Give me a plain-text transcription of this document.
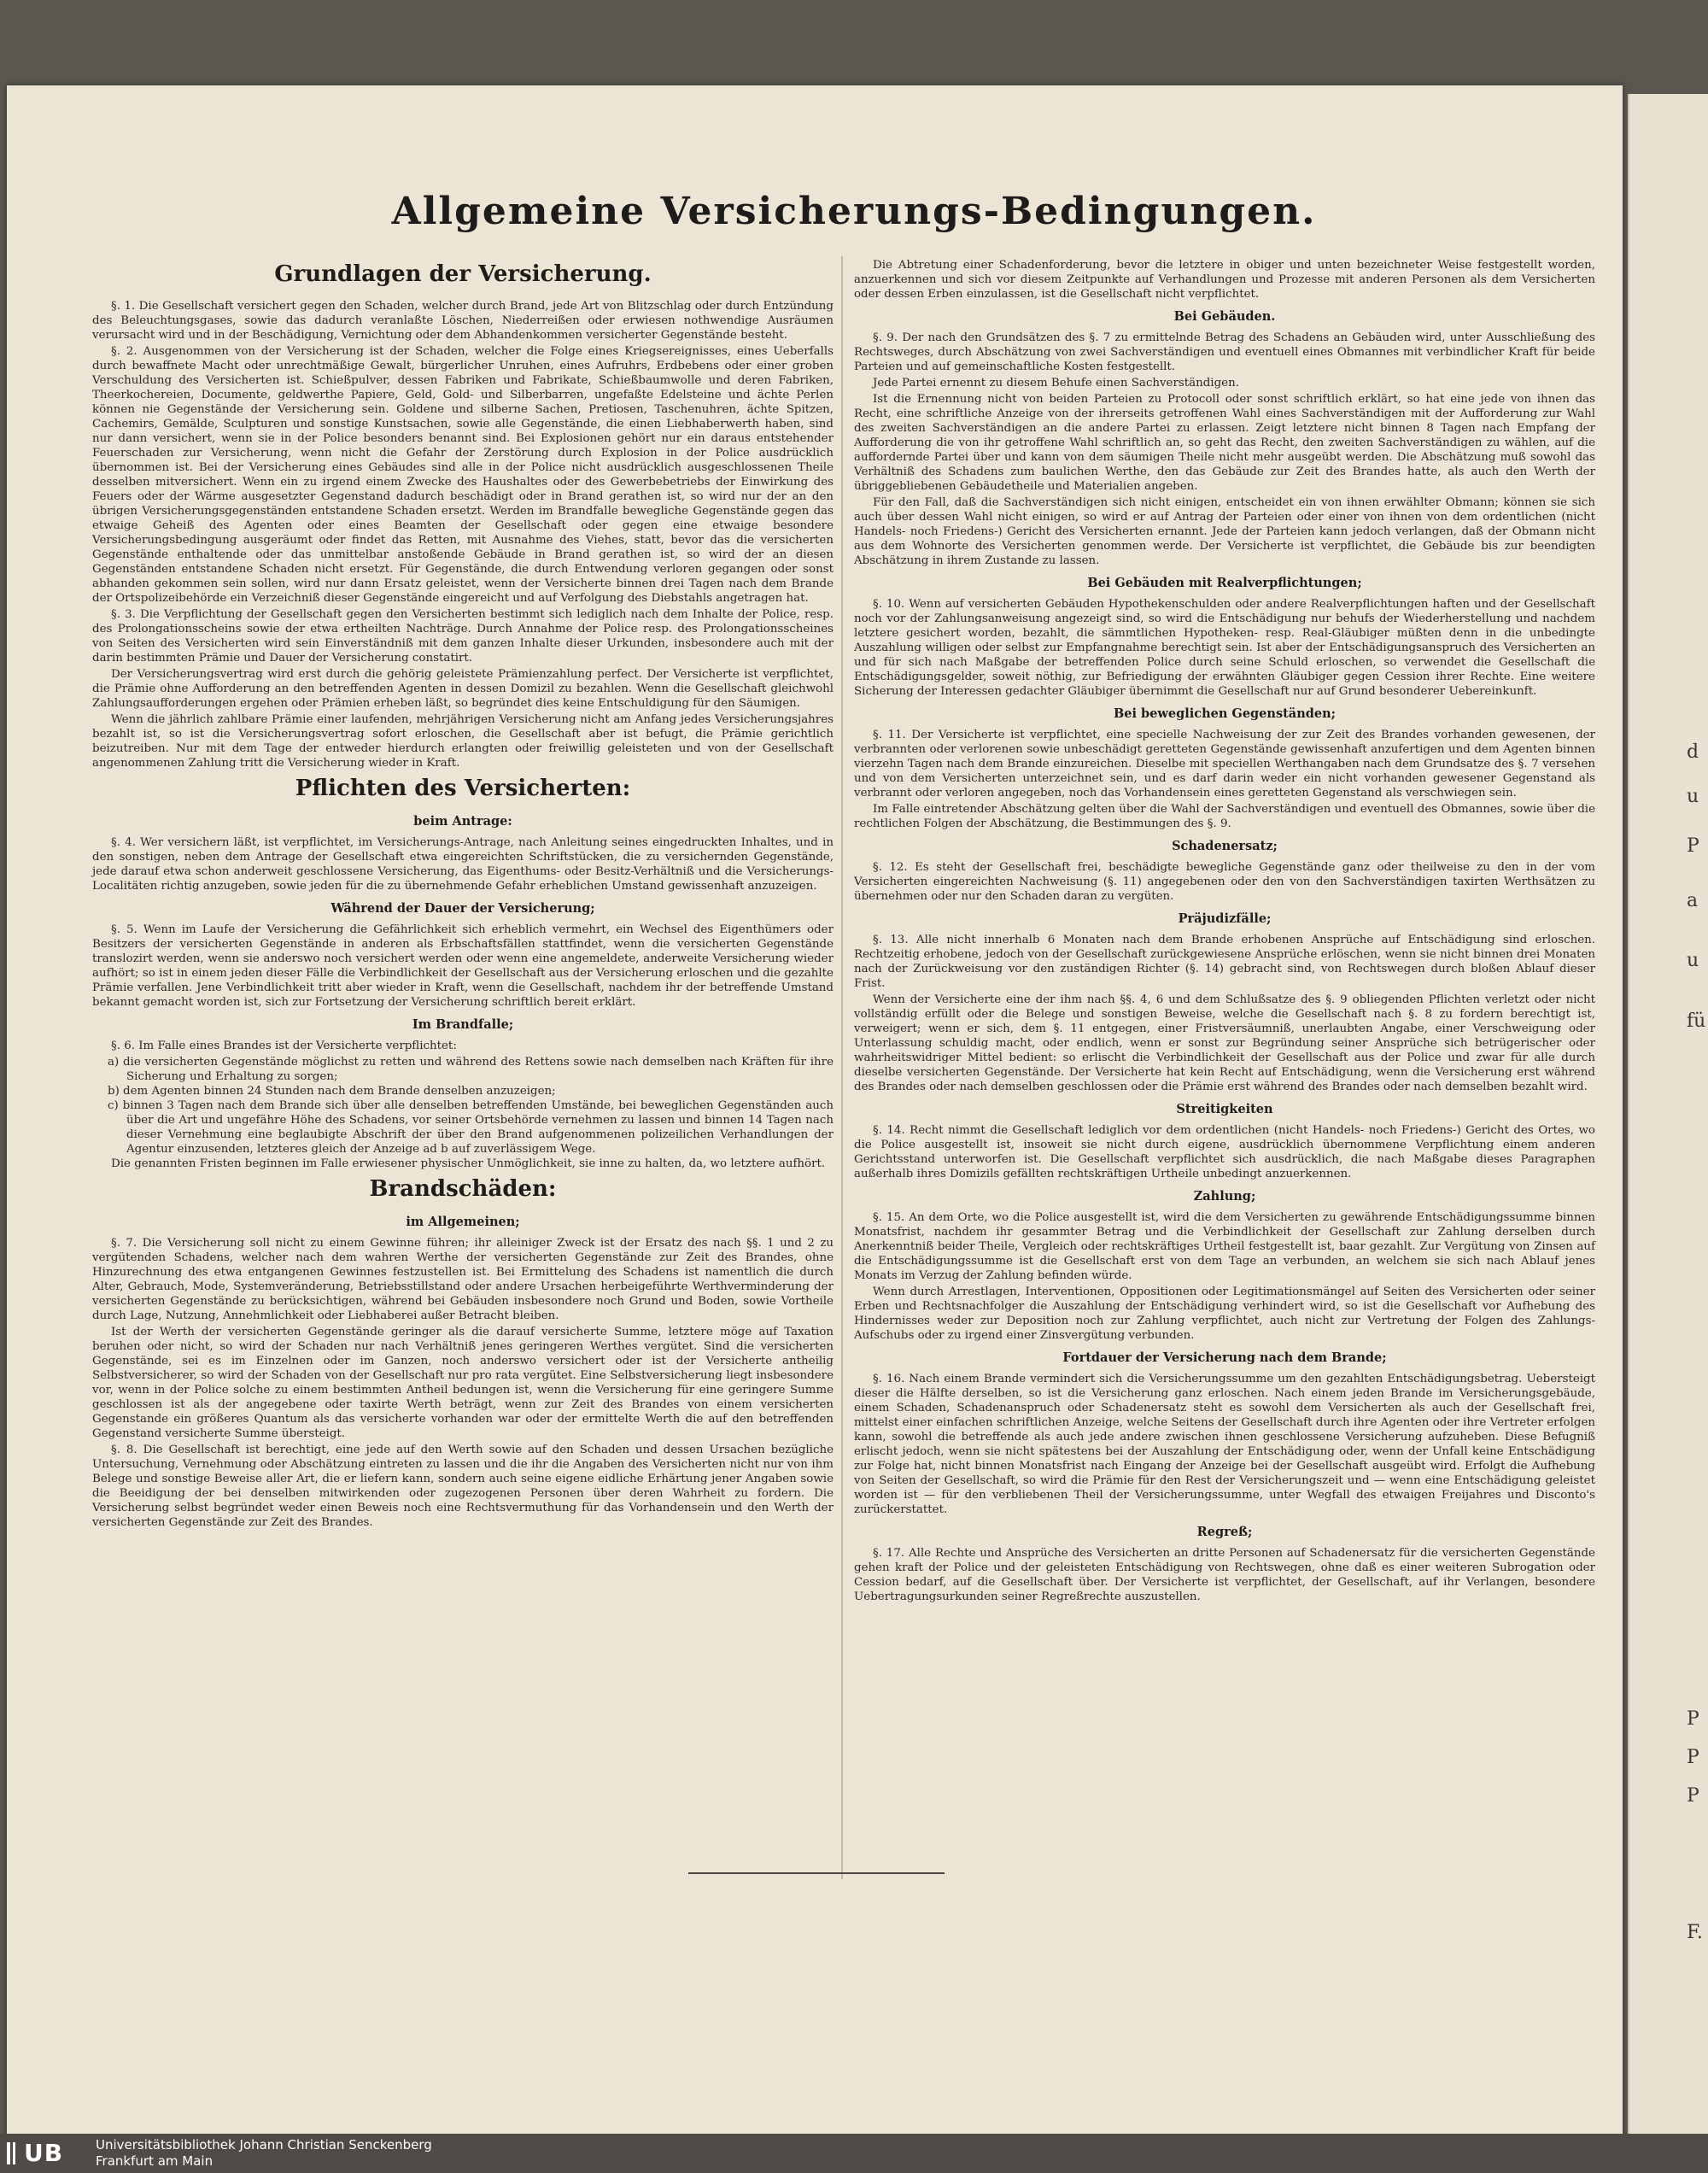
Allgemeine Versicherungs-Bedingungen.
Grundlagen der Versicherung.

§. 1. Die Gesellschaft versichert gegen den Schaden, welcher durch Brand, jede Art von Blitzschlag oder durch Entzündung des Beleuchtungsgases, sowie das dadurch veranlaßte Löschen, Niederreißen oder erwiesen nothwendige Ausräumen verursacht wird und in der Beschädigung, Vernichtung oder dem Abhandenkommen versicherter Gegenstände besteht.

§. 2. Ausgenommen von der Versicherung ist der Schaden, welcher die Folge eines Kriegsereignisses, eines Ueberfalls durch bewaffnete Macht oder unrechtmäßige Gewalt, bürgerlicher Unruhen, eines Aufruhrs, Erdbebens oder einer groben Verschuldung des Versicherten ist. Schießpulver, dessen Fabriken und Fabrikate, Schießbaumwolle und deren Fabriken, Theerkochereien, Documente, geldwerthe Papiere, Geld, Gold- und Silberbarren, ungefaßte Edelsteine und ächte Perlen können nie Gegenstände der Versicherung sein. Goldene und silberne Sachen, Pretiosen, Taschenuhren, ächte Spitzen, Cachemirs, Gemälde, Sculpturen und sonstige Kunstsachen, sowie alle Gegenstände, die einen Liebhaberwerth haben, sind nur dann versichert, wenn sie in der Police besonders benannt sind. Bei Explosionen gehört nur ein daraus entstehender Feuerschaden zur Versicherung, wenn nicht die Gefahr der Zerstörung durch Explosion in der Police ausdrücklich übernommen ist. Bei der Versicherung eines Gebäudes sind alle in der Police nicht ausdrücklich ausgeschlossenen Theile desselben mitversichert. Wenn ein zu irgend einem Zwecke des Haushaltes oder des Gewerbebetriebs der Einwirkung des Feuers oder der Wärme ausgesetzter Gegenstand dadurch beschädigt oder in Brand gerathen ist, so wird nur der an den übrigen Versicherungsgegenständen entstandene Schaden ersetzt. Werden im Brandfalle bewegliche Gegenstände gegen das etwaige Geheiß des Agenten oder eines Beamten der Gesellschaft oder gegen eine etwaige besondere Versicherungsbedingung ausgeräumt oder findet das Retten, mit Ausnahme des Viehes, statt, bevor das die versicherten Gegenstände enthaltende oder das unmittelbar anstoßende Gebäude in Brand gerathen ist, so wird der an diesen Gegenständen entstandene Schaden nicht ersetzt. Für Gegenstände, die durch Entwendung verloren gegangen oder sonst abhanden gekommen sein sollen, wird nur dann Ersatz geleistet, wenn der Versicherte binnen drei Tagen nach dem Brande der Ortspolizeibehörde ein Verzeichniß dieser Gegenstände eingereicht und auf Verfolgung des Diebstahls angetragen hat.

§. 3. Die Verpflichtung der Gesellschaft gegen den Versicherten bestimmt sich lediglich nach dem Inhalte der Police, resp. des Prolongationsscheins sowie der etwa ertheilten Nachträge. Durch Annahme der Police resp. des Prolongationsscheines von Seiten des Versicherten wird sein Einverständniß mit dem ganzen Inhalte dieser Urkunden, insbesondere auch mit der darin bestimmten Prämie und Dauer der Versicherung constatirt.

Der Versicherungsvertrag wird erst durch die gehörig geleistete Prämienzahlung perfect. Der Versicherte ist verpflichtet, die Prämie ohne Aufforderung an den betreffenden Agenten in dessen Domizil zu bezahlen. Wenn die Gesellschaft gleichwohl Zahlungsaufforderungen ergehen oder Prämien erheben läßt, so begründet dies keine Entschuldigung für den Säumigen.

Wenn die jährlich zahlbare Prämie einer laufenden, mehrjährigen Versicherung nicht am Anfang jedes Versicherungsjahres bezahlt ist, so ist die Versicherungsvertrag sofort erloschen, die Gesellschaft aber ist befugt, die Prämie gerichtlich beizutreiben. Nur mit dem Tage der entweder hierdurch erlangten oder freiwillig geleisteten und von der Gesellschaft angenommenen Zahlung tritt die Versicherung wieder in Kraft.

Pflichten des Versicherten:
beim Antrage:

§. 4. Wer versichern läßt, ist verpflichtet, im Versicherungs-Antrage, nach Anleitung seines eingedruckten Inhaltes, und in den sonstigen, neben dem Antrage der Gesellschaft etwa eingereichten Schriftstücken, die zu versichernden Gegenstände, jede darauf etwa schon anderweit geschlossene Versicherung, das Eigenthums- oder Besitz-Verhältniß und die Versicherungs-Localitäten richtig anzugeben, sowie jeden für die zu übernehmende Gefahr erheblichen Umstand gewissenhaft anzuzeigen.

Während der Dauer der Versicherung;

§. 5. Wenn im Laufe der Versicherung die Gefährlichkeit sich erheblich vermehrt, ein Wechsel des Eigenthümers oder Besitzers der versicherten Gegenstände in anderen als Erbschaftsfällen stattfindet, wenn die versicherten Gegenstände translozirt werden, wenn sie anderswo noch versichert werden oder wenn eine angemeldete, anderweite Versicherung wieder aufhört; so ist in einem jeden dieser Fälle die Verbindlichkeit der Gesellschaft aus der Versicherung erloschen und die gezahlte Prämie verfallen. Jene Verbindlichkeit tritt aber wieder in Kraft, wenn die Gesellschaft, nachdem ihr der betreffende Umstand bekannt gemacht worden ist, sich zur Fortsetzung der Versicherung schriftlich bereit erklärt.

Im Brandfalle;

§. 6. Im Falle eines Brandes ist der Versicherte verpflichtet:

a) die versicherten Gegenstände möglichst zu retten und während des Rettens sowie nach demselben nach Kräften für ihre Sicherung und Erhaltung zu sorgen;

b) dem Agenten binnen 24 Stunden nach dem Brande denselben anzuzeigen;

c) binnen 3 Tagen nach dem Brande sich über alle denselben betreffenden Umstände, bei beweglichen Gegenständen auch über die Art und ungefähre Höhe des Schadens, vor seiner Ortsbehörde vernehmen zu lassen und binnen 14 Tagen nach dieser Vernehmung eine beglaubigte Abschrift der über den Brand aufgenommenen polizeilichen Verhandlungen der Agentur einzusenden, letzteres gleich der Anzeige ad b auf zuverlässigem Wege.

Die genannten Fristen beginnen im Falle erwiesener physischer Unmöglichkeit, sie inne zu halten, da, wo letztere aufhört.

Brandschäden:
im Allgemeinen;

§. 7. Die Versicherung soll nicht zu einem Gewinne führen; ihr alleiniger Zweck ist der Ersatz des nach §§. 1 und 2 zu vergütenden Schadens, welcher nach dem wahren Werthe der versicherten Gegenstände zur Zeit des Brandes, ohne Hinzurechnung des etwa entgangenen Gewinnes festzustellen ist. Bei Ermittelung des Schadens ist namentlich die durch Alter, Gebrauch, Mode, Systemveränderung, Betriebsstillstand oder andere Ursachen herbeigeführte Werthverminderung der versicherten Gegenstände zu berücksichtigen, während bei Gebäuden insbesondere noch Grund und Boden, sowie Vortheile durch Lage, Nutzung, Annehmlichkeit oder Liebhaberei außer Betracht bleiben.

Ist der Werth der versicherten Gegenstände geringer als die darauf versicherte Summe, letztere möge auf Taxation beruhen oder nicht, so wird der Schaden nur nach Verhältniß jenes geringeren Werthes vergütet. Sind die versicherten Gegenstände, sei es im Einzelnen oder im Ganzen, noch anderswo versichert oder ist der Versicherte antheilig Selbstversicherer, so wird der Schaden von der Gesellschaft nur pro rata vergütet. Eine Selbstversicherung liegt insbesondere vor, wenn in der Police solche zu einem bestimmten Antheil bedungen ist, wenn die Versicherung für eine geringere Summe geschlossen ist als der angegebene oder taxirte Werth beträgt, wenn zur Zeit des Brandes von einem versicherten Gegenstande ein größeres Quantum als das versicherte vorhanden war oder der ermittelte Werth die auf den betreffenden Gegenstand versicherte Summe übersteigt.

§. 8. Die Gesellschaft ist berechtigt, eine jede auf den Werth sowie auf den Schaden und dessen Ursachen bezügliche Untersuchung, Vernehmung oder Abschätzung eintreten zu lassen und die ihr die Angaben des Versicherten nicht nur von ihm Belege und sonstige Beweise aller Art, die er liefern kann, sondern auch seine eigene eidliche Erhärtung jener Angaben sowie die Beeidigung der bei denselben mitwirkenden oder zugezogenen Personen über deren Wahrheit zu fordern. Die Versicherung selbst begründet weder einen Beweis noch eine Rechtsvermuthung für das Vorhandensein und den Werth der versicherten Gegenstände zur Zeit des Brandes.

Die Abtretung einer Schadenforderung, bevor die letztere in obiger und unten bezeichneter Weise festgestellt worden, anzuerkennen und sich vor diesem Zeitpunkte auf Verhandlungen und Prozesse mit anderen Personen als dem Versicherten oder dessen Erben einzulassen, ist die Gesellschaft nicht verpflichtet.

Bei Gebäuden.

§. 9. Der nach den Grundsätzen des §. 7 zu ermittelnde Betrag des Schadens an Gebäuden wird, unter Ausschließung des Rechtsweges, durch Abschätzung von zwei Sachverständigen und eventuell eines Obmannes mit verbindlicher Kraft für beide Parteien und auf gemeinschaftliche Kosten festgestellt.

Jede Partei ernennt zu diesem Behufe einen Sachverständigen.

Ist die Ernennung nicht von beiden Parteien zu Protocoll oder sonst schriftlich erklärt, so hat eine jede von ihnen das Recht, eine schriftliche Anzeige von der ihrerseits getroffenen Wahl eines Sachverständigen mit der Aufforderung zur Wahl des zweiten Sachverständigen an die andere Partei zu erlassen. Zeigt letztere nicht binnen 8 Tagen nach Empfang der Aufforderung die von ihr getroffene Wahl schriftlich an, so geht das Recht, den zweiten Sachverständigen zu wählen, auf die auffordernde Partei über und kann von dem säumigen Theile nicht mehr ausgeübt werden. Die Abschätzung muß sowohl das Verhältniß des Schadens zum baulichen Werthe, den das Gebäude zur Zeit des Brandes hatte, als auch den Werth der übriggebliebenen Gebäudetheile und Materialien angeben.

Für den Fall, daß die Sachverständigen sich nicht einigen, entscheidet ein von ihnen erwählter Obmann; können sie sich auch über dessen Wahl nicht einigen, so wird er auf Antrag der Parteien oder einer von ihnen von dem ordentlichen (nicht Handels- noch Friedens-) Gericht des Versicherten ernannt. Jede der Parteien kann jedoch verlangen, daß der Obmann nicht aus dem Wohnorte des Versicherten genommen werde. Der Versicherte ist verpflichtet, die Gebäude bis zur beendigten Abschätzung in ihrem Zustande zu lassen.

Bei Gebäuden mit Realverpflichtungen;

§. 10. Wenn auf versicherten Gebäuden Hypothekenschulden oder andere Realverpflichtungen haften und der Gesellschaft noch vor der Zahlungsanweisung angezeigt sind, so wird die Entschädigung nur behufs der Wiederherstellung und nachdem letztere gesichert worden, bezahlt, die sämmtlichen Hypotheken- resp. Real-Gläubiger müßten denn in die unbedingte Auszahlung willigen oder selbst zur Empfangnahme berechtigt sein. Ist aber der Entschädigungsanspruch des Versicherten an und für sich nach Maßgabe der betreffenden Police durch seine Schuld erloschen, so verwendet die Gesellschaft die Entschädigungsgelder, soweit nöthig, zur Befriedigung der erwähnten Gläubiger gegen Cession ihrer Rechte. Eine weitere Sicherung der Interessen gedachter Gläubiger übernimmt die Gesellschaft nur auf Grund besonderer Uebereinkunft.

Bei beweglichen Gegenständen;

§. 11. Der Versicherte ist verpflichtet, eine specielle Nachweisung der zur Zeit des Brandes vorhanden gewesenen, der verbrannten oder verlorenen sowie unbeschädigt geretteten Gegenstände gewissenhaft anzufertigen und dem Agenten binnen vierzehn Tagen nach dem Brande einzureichen. Dieselbe mit speciellen Werthangaben nach dem Grundsatze des §. 7 versehen und von dem Versicherten unterzeichnet sein, und es darf darin weder ein nicht vorhanden gewesener Gegenstand als verbrannt oder verloren angegeben, noch das Vorhandensein eines geretteten Gegenstand als verschwiegen sein.

Im Falle eintretender Abschätzung gelten über die Wahl der Sachverständigen und eventuell des Obmannes, sowie über die rechtlichen Folgen der Abschätzung, die Bestimmungen des §. 9.

Schadenersatz;

§. 12. Es steht der Gesellschaft frei, beschädigte bewegliche Gegenstände ganz oder theilweise zu den in der vom Versicherten eingereichten Nachweisung (§. 11) angegebenen oder den von den Sachverständigen taxirten Werthsätzen zu übernehmen oder nur den Schaden daran zu vergüten.

Präjudizfälle;

§. 13. Alle nicht innerhalb 6 Monaten nach dem Brande erhobenen Ansprüche auf Entschädigung sind erloschen. Rechtzeitig erhobene, jedoch von der Gesellschaft zurückgewiesene Ansprüche erlöschen, wenn sie nicht binnen drei Monaten nach der Zurückweisung vor den zuständigen Richter (§. 14) gebracht sind, von Rechtswegen durch bloßen Ablauf dieser Frist.

Wenn der Versicherte eine der ihm nach §§. 4, 6 und dem Schlußsatze des §. 9 obliegenden Pflichten verletzt oder nicht vollständig erfüllt oder die Belege und sonstigen Beweise, welche die Gesellschaft nach §. 8 zu fordern berechtigt ist, verweigert; wenn er sich, dem §. 11 entgegen, einer Fristversäumniß, unerlaubten Angabe, einer Verschweigung oder Unterlassung schuldig macht, oder endlich, wenn er sonst zur Begründung seiner Ansprüche sich betrügerischer oder wahrheitswidriger Mittel bedient: so erlischt die Verbindlichkeit der Gesellschaft aus der Police und zwar für alle durch dieselbe versicherten Gegenstände. Der Versicherte hat kein Recht auf Entschädigung, wenn die Versicherung erst während des Brandes oder nach demselben geschlossen oder die Prämie erst während des Brandes oder nach demselben bezahlt wird.

Streitigkeiten

§. 14. Recht nimmt die Gesellschaft lediglich vor dem ordentlichen (nicht Handels- noch Friedens-) Gericht des Ortes, wo die Police ausgestellt ist, insoweit sie nicht durch eigene, ausdrücklich übernommene Verpflichtung einem anderen Gerichtsstand unterworfen ist. Die Gesellschaft verpflichtet sich ausdrücklich, die nach Maßgabe dieses Paragraphen außerhalb ihres Domizils gefällten rechtskräftigen Urtheile unbedingt anzuerkennen.

Zahlung;

§. 15. An dem Orte, wo die Police ausgestellt ist, wird die dem Versicherten zu gewährende Entschädigungssumme binnen Monatsfrist, nachdem ihr gesammter Betrag und die Verbindlichkeit der Gesellschaft zur Zahlung derselben durch Anerkenntniß beider Theile, Vergleich oder rechtskräftiges Urtheil festgestellt ist, baar gezahlt. Zur Vergütung von Zinsen auf die Entschädigungssumme ist die Gesellschaft erst von dem Tage an verbunden, an welchem sie sich nach Ablauf jenes Monats im Verzug der Zahlung befinden würde.

Wenn durch Arrestlagen, Interventionen, Oppositionen oder Legitimationsmängel auf Seiten des Versicherten oder seiner Erben und Rechtsnachfolger die Auszahlung der Entschädigung verhindert wird, so ist die Gesellschaft vor Aufhebung des Hindernisses weder zur Deposition noch zur Zahlung verpflichtet, auch nicht zur Vertretung der Folgen des Zahlungs-Aufschubs oder zu irgend einer Zinsvergütung verbunden.

Fortdauer der Versicherung nach dem Brande;

§. 16. Nach einem Brande vermindert sich die Versicherungssumme um den gezahlten Entschädigungsbetrag. Uebersteigt dieser die Hälfte derselben, so ist die Versicherung ganz erloschen. Nach einem jeden Brande im Versicherungsgebäude, einem Schaden, Schadenanspruch oder Schadenersatz steht es sowohl dem Versicherten als auch der Gesellschaft frei, mittelst einer einfachen schriftlichen Anzeige, welche Seitens der Gesellschaft durch ihre Agenten oder ihre Vertreter erfolgen kann, sowohl die betreffende als auch jede andere zwischen ihnen geschlossene Versicherung aufzuheben. Diese Befugniß erlischt jedoch, wenn sie nicht spätestens bei der Auszahlung der Entschädigung oder, wenn der Unfall keine Entschädigung zur Folge hat, nicht binnen Monatsfrist nach Eingang der Anzeige bei der Gesellschaft ausgeübt wird. Erfolgt die Aufhebung von Seiten der Gesellschaft, so wird die Prämie für den Rest der Versicherungszeit und — wenn eine Entschädigung geleistet worden ist — für den verbliebenen Theil der Versicherungssumme, unter Wegfall des etwaigen Freijahres und Disconto's zurückerstattet.

Regreß;

§. 17. Alle Rechte und Ansprüche des Versicherten an dritte Personen auf Schadenersatz für die versicherten Gegenstände gehen kraft der Police und der geleisteten Entschädigung von Rechtswegen, ohne daß es einer weiteren Subrogation oder Cession bedarf, auf die Gesellschaft über. Der Versicherte ist verpflichtet, der Gesellschaft, auf ihr Verlangen, besondere Uebertragungsurkunden seiner Regreßrechte auszustellen.

d
u
P
a
u
fü
P
P
P
F.
UB	Universitätsbibliothek Johann Christian Senckenberg

Frankfurt am Main
